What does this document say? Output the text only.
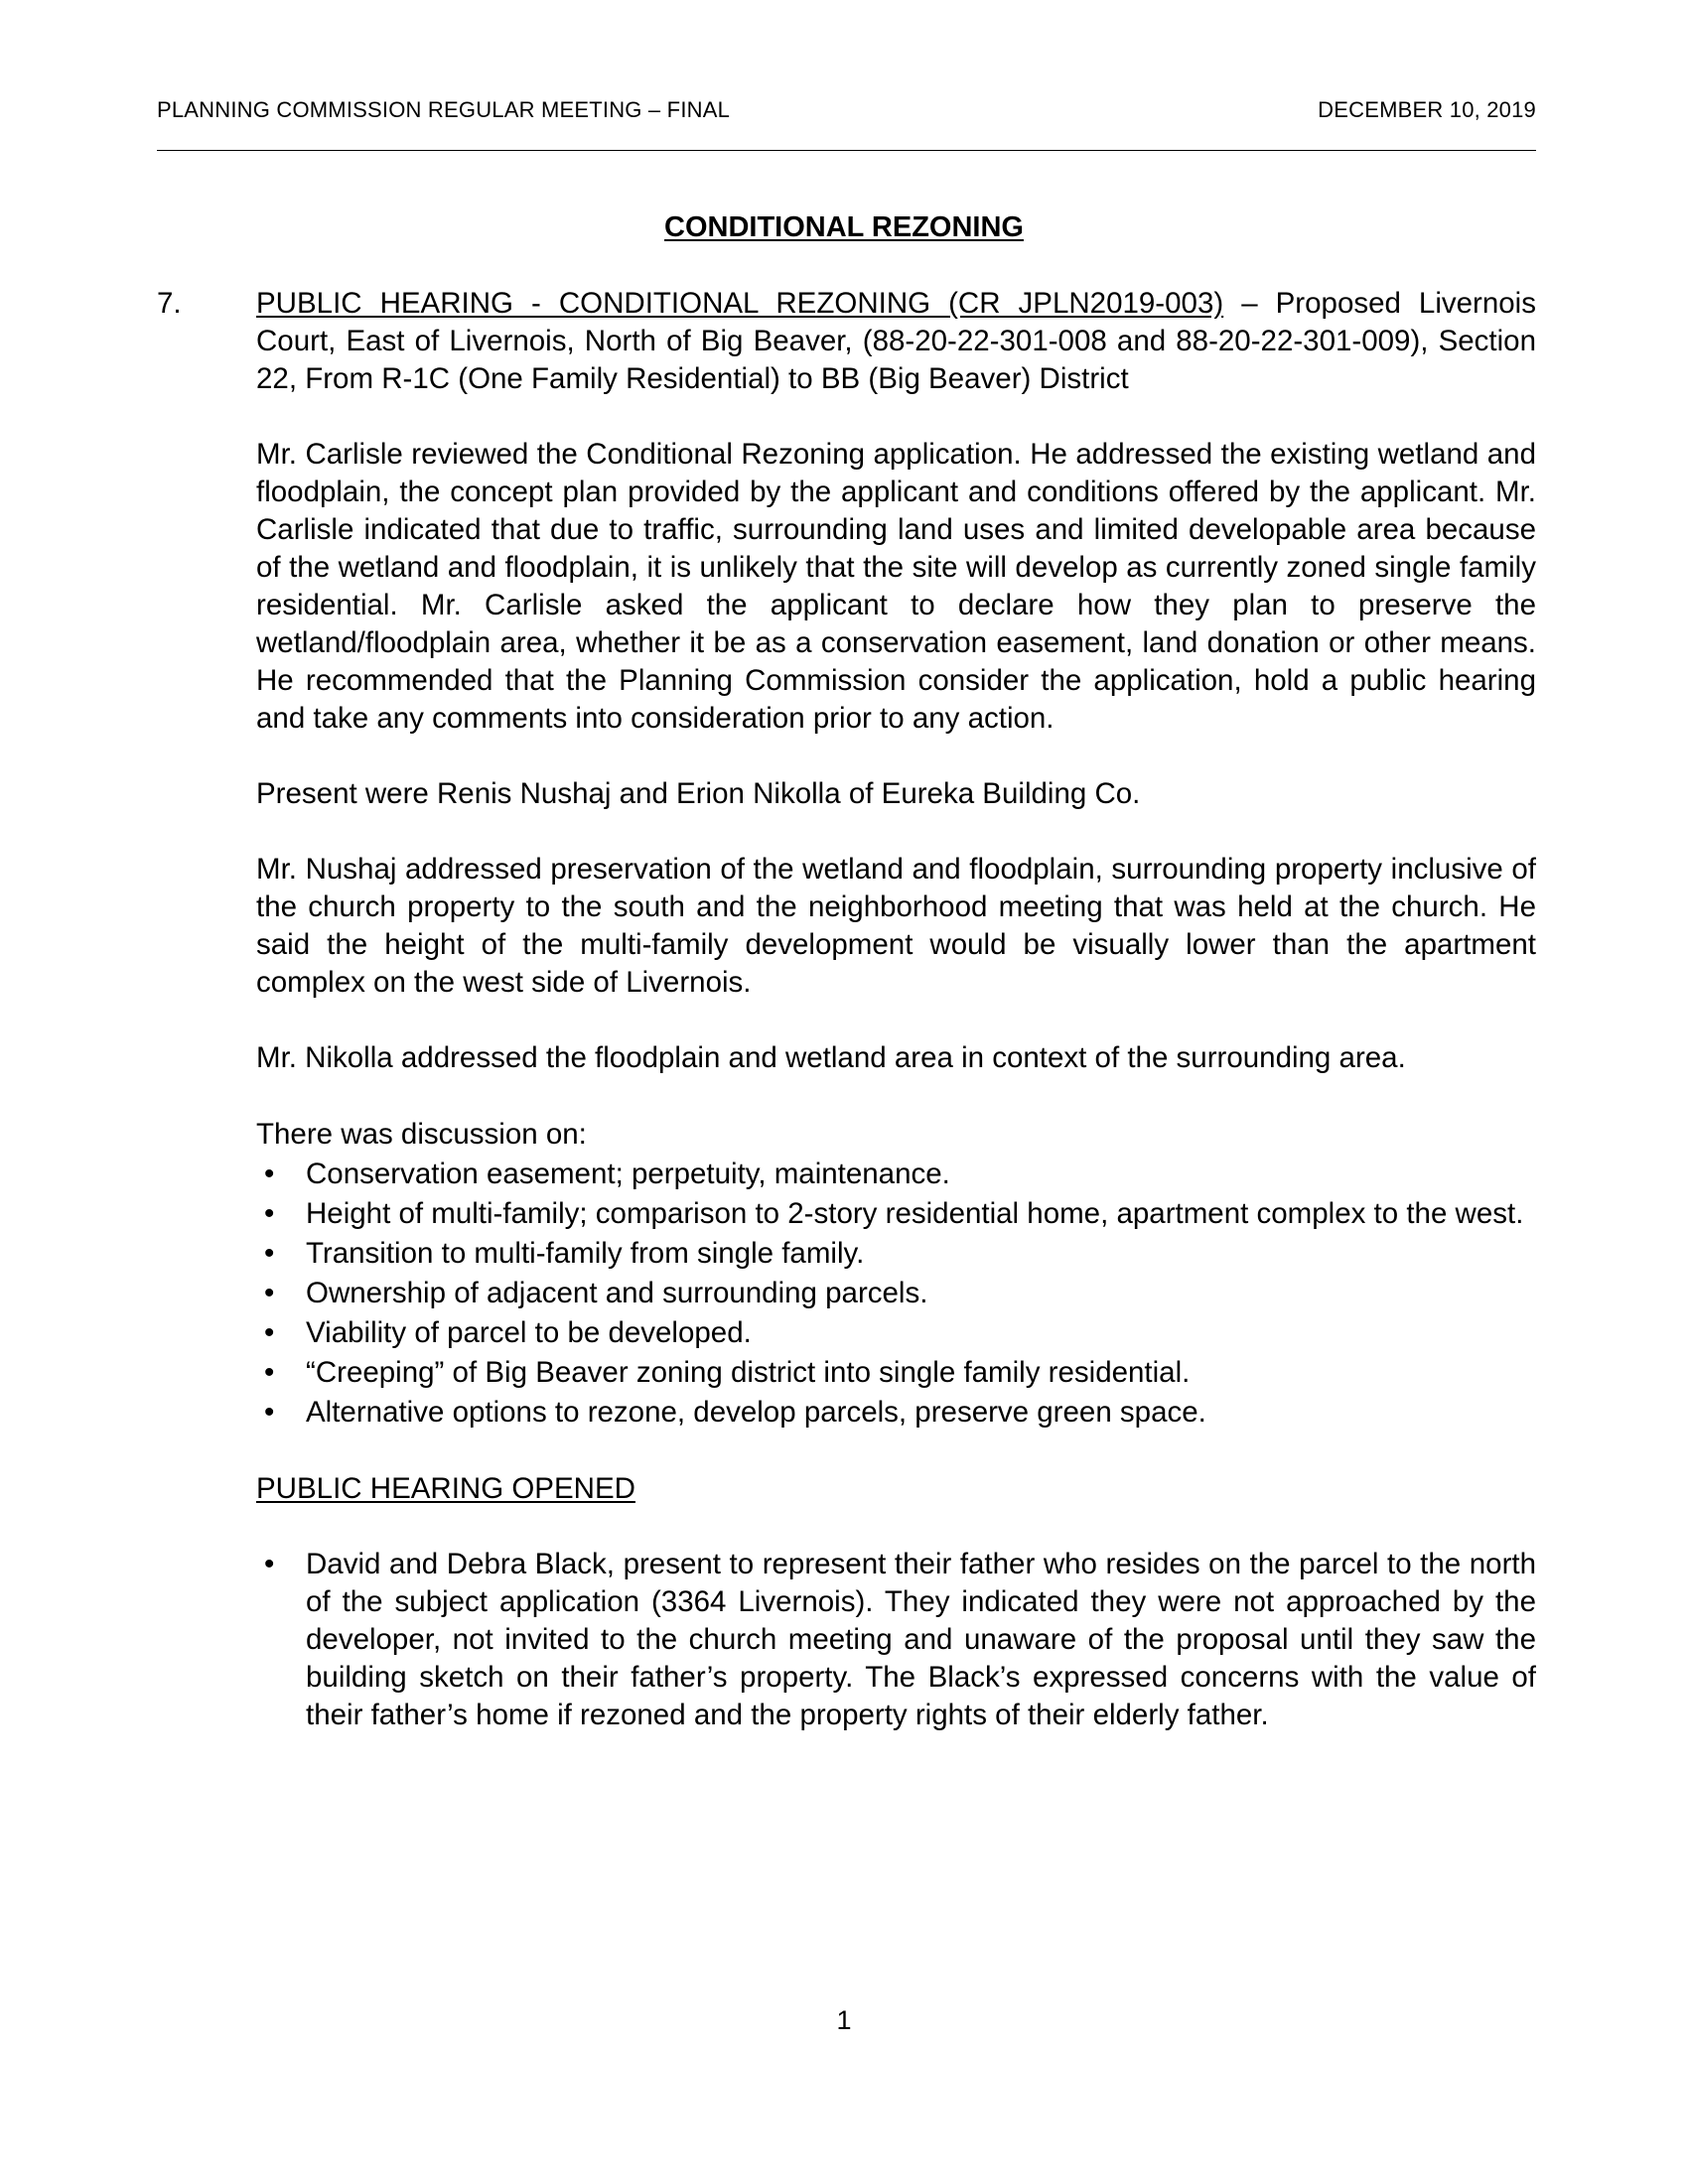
PLANNING COMMISSION REGULAR MEETING – FINAL	DECEMBER 10, 2019
CONDITIONAL REZONING
7.	PUBLIC HEARING - CONDITIONAL REZONING (CR JPLN2019-003) – Proposed Livernois Court, East of Livernois, North of Big Beaver, (88-20-22-301-008 and 88-20-22-301-009), Section 22, From R-1C (One Family Residential) to BB (Big Beaver) District

Mr. Carlisle reviewed the Conditional Rezoning application. He addressed the existing wetland and floodplain, the concept plan provided by the applicant and conditions offered by the applicant. Mr. Carlisle indicated that due to traffic, surrounding land uses and limited developable area because of the wetland and floodplain, it is unlikely that the site will develop as currently zoned single family residential. Mr. Carlisle asked the applicant to declare how they plan to preserve the wetland/floodplain area, whether it be as a conservation easement, land donation or other means. He recommended that the Planning Commission consider the application, hold a public hearing and take any comments into consideration prior to any action.

Present were Renis Nushaj and Erion Nikolla of Eureka Building Co.

Mr. Nushaj addressed preservation of the wetland and floodplain, surrounding property inclusive of the church property to the south and the neighborhood meeting that was held at the church. He said the height of the multi-family development would be visually lower than the apartment complex on the west side of Livernois.

Mr. Nikolla addressed the floodplain and wetland area in context of the surrounding area.

There was discussion on:

• Conservation easement; perpetuity, maintenance.
• Height of multi-family; comparison to 2-story residential home, apartment complex to the west.
• Transition to multi-family from single family.
• Ownership of adjacent and surrounding parcels.
• Viability of parcel to be developed.
• “Creeping” of Big Beaver zoning district into single family residential.
• Alternative options to rezone, develop parcels, preserve green space.

PUBLIC HEARING OPENED

• David and Debra Black, present to represent their father who resides on the parcel to the north of the subject application (3364 Livernois). They indicated they were not approached by the developer, not invited to the church meeting and unaware of the proposal until they saw the building sketch on their father’s property. The Black’s expressed concerns with the value of their father’s home if rezoned and the property rights of their elderly father.
1
